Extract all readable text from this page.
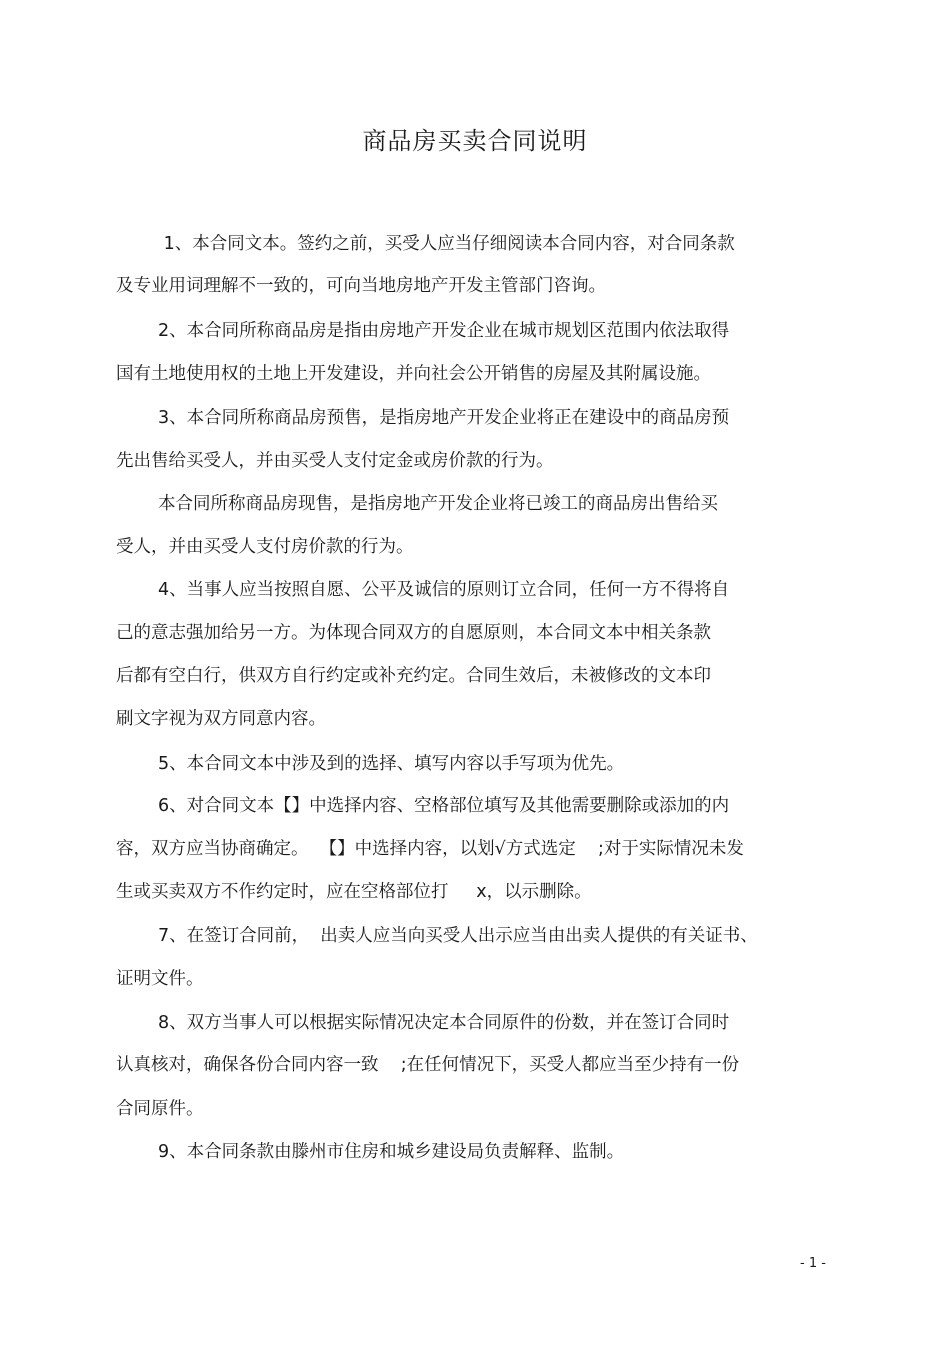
商品房买卖合同说明
1、本合同文本。签约之前，买受人应当仔细阅读本合同内容，对合同条款
及专业用词理解不一致的，可向当地房地产开发主管部门咨询。
2、本合同所称商品房是指由房地产开发企业在城市规划区范围内依法取得
国有土地使用权的土地上开发建设，并向社会公开销售的房屋及其附属设施。
3、本合同所称商品房预售，是指房地产开发企业将正在建设中的商品房预
先出售给买受人，并由买受人支付定金或房价款的行为。
本合同所称商品房现售，是指房地产开发企业将已竣工的商品房出售给买
受人，并由买受人支付房价款的行为。
4、当事人应当按照自愿、公平及诚信的原则订立合同，任何一方不得将自
己的意志强加给另一方。为体现合同双方的自愿原则，本合同文本中相关条款
后都有空白行，供双方自行约定或补充约定。合同生效后，未被修改的文本印
刷文字视为双方同意内容。
5、本合同文本中涉及到的选择、填写内容以手写项为优先。
6、对合同文本【】中选择内容、空格部位填写及其他需要删除或添加的内
容，双方应当协商确定。  【】中选择内容，以划√方式选定    ;对于实际情况未发
生或买卖双方不作约定时，应在空格部位打     x，以示删除。
7、在签订合同前，  出卖人应当向买受人出示应当由出卖人提供的有关证书、
证明文件。
8、双方当事人可以根据实际情况决定本合同原件的份数，并在签订合同时
认真核对，确保各份合同内容一致    ;在任何情况下，买受人都应当至少持有一份
合同原件。
9、本合同条款由滕州市住房和城乡建设局负责解释、监制。
- 1 -
